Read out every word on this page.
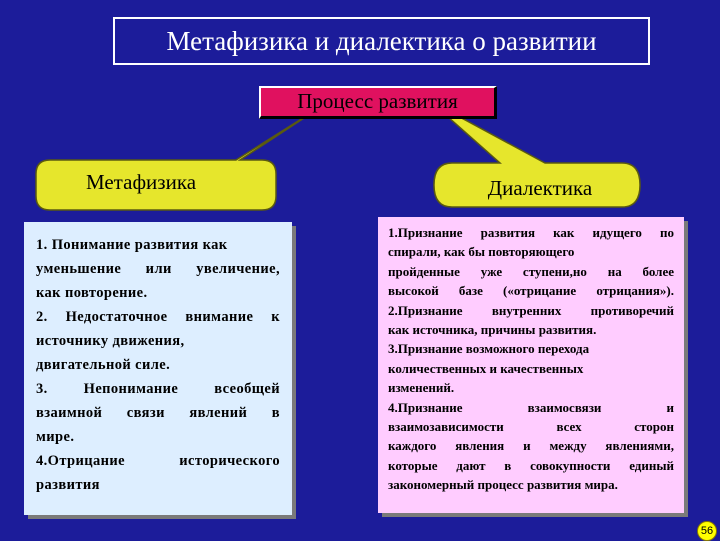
Метафизика и диалектика о развитии
Процесс развития
Метафизика	Диалектика

1. Понимание развития как

уменьшение или увеличение,

как повторение.

2. Недостаточное внимание к

источнику движения,

двигательной силе.

3. Непонимание всеобщей

взаимной связи явлений в

мире.

4.Отрицание исторического

развития

1.Признание развития как идущего по

спирали, как бы повторяющего

пройденные уже ступени,но на более

высокой базе («отрицание отрицания»).

2.Признание внутренних противоречий

как источника, причины развития.

3.Признание возможного перехода

количественных и качественных

изменений.

4.Признание взаимосвязи и

взаимозависимости всех сторон

каждого явления и между явлениями,

которые дают в совокупности единый

закономерный процесс развития мира.

56
